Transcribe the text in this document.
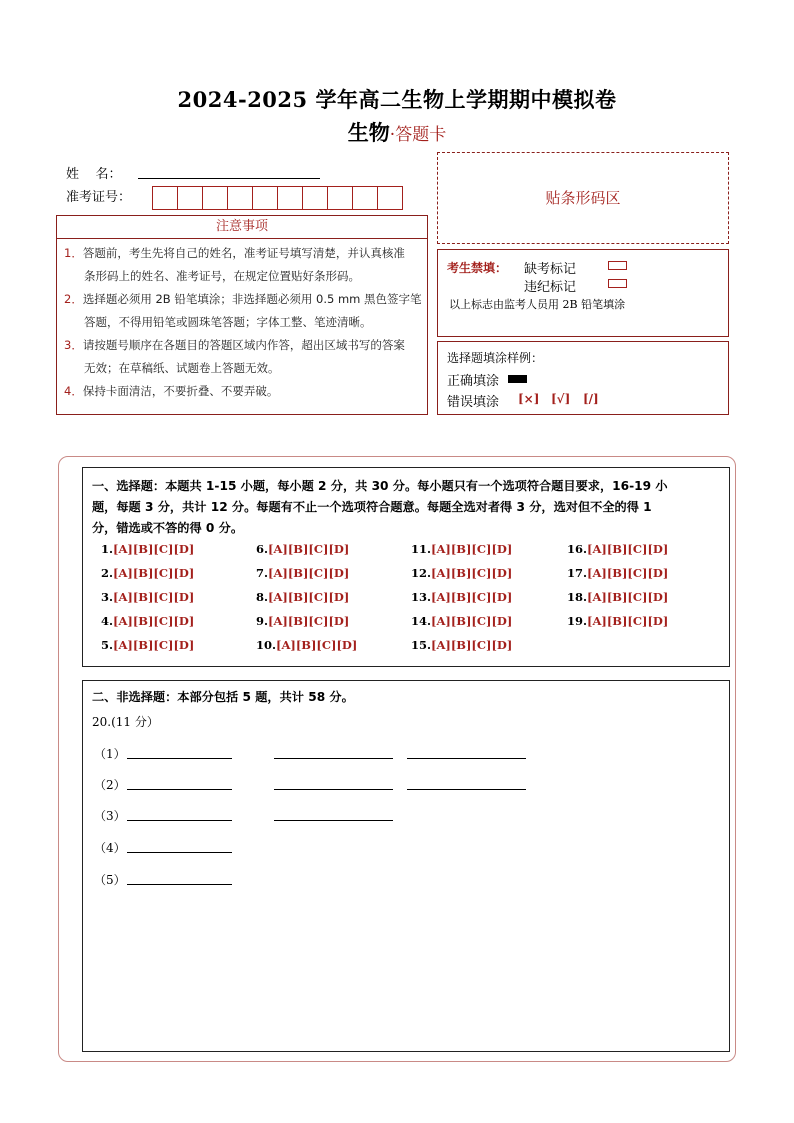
2024-2025 学年高二生物上学期期中模拟卷
生物·答题卡
姓    名：
准考证号：	贴条形码区
注意事项

1．答题前，考生先将自己的姓名，准考证号填写清楚，并认真核准

条形码上的姓名、准考证号，在规定位置贴好条形码。

2．选择题必须用 2B 铅笔填涂；非选择题必须用 0.5 mm 黑色签字笔

答题，不得用铅笔或圆珠笔答题；字体工整、笔迹清晰。

3．请按题号顺序在各题目的答题区域内作答，超出区域书写的答案

无效；在草稿纸、试题卷上答题无效。

4．保持卡面清洁，不要折叠、不要弄破。

考生禁填： 缺考标记
违纪标记
以上标志由监考人员用 2B 铅笔填涂
选择题填涂样例：
正确填涂
错误填涂 [×] [√] [/]
一、选择题：本题共 1-15 小题，每小题 2 分，共 30 分。每小题只有一个选项符合题目要求，16-19 小
题，每题 3 分，共计 12 分。每题有不止一个选项符合题意。每题全选对者得 3 分，选对但不全的得 1
分，错选或不答的得 0 分。
1.[A][B][C][D]
2.[A][B][C][D]
3.[A][B][C][D]
4.[A][B][C][D]
5.[A][B][C][D]
6.[A][B][C][D]
7.[A][B][C][D]
8.[A][B][C][D]
9.[A][B][C][D]
10.[A][B][C][D]
11.[A][B][C][D]
12.[A][B][C][D]
13.[A][B][C][D]
14.[A][B][C][D]
15.[A][B][C][D]
16.[A][B][C][D]
17.[A][B][C][D]
18.[A][B][C][D]
19.[A][B][C][D]
二、非选择题：本部分包括 5 题，共计 58 分。
20.(11 分）
（1）
（2）
（3）
（4）
（5）
